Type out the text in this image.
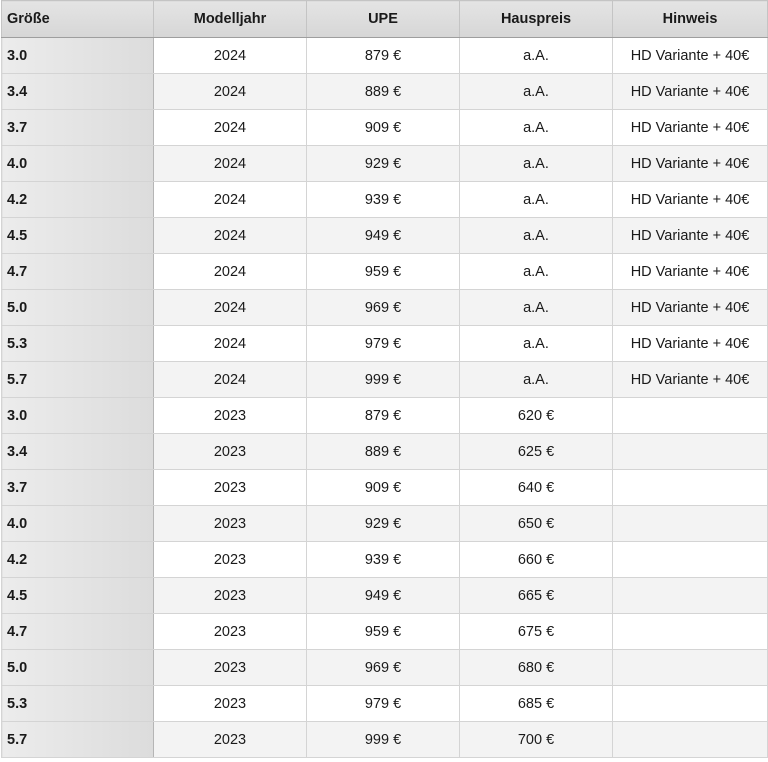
Größe	Modelljahr	UPE	Hauspreis	Hinweis
3.0	2024	879 €	a.A.	HD Variante + 40€
3.4	2024	889 €	a.A.	HD Variante + 40€
3.7	2024	909 €	a.A.	HD Variante + 40€
4.0	2024	929 €	a.A.	HD Variante + 40€
4.2	2024	939 €	a.A.	HD Variante + 40€
4.5	2024	949 €	a.A.	HD Variante + 40€
4.7	2024	959 €	a.A.	HD Variante + 40€
5.0	2024	969 €	a.A.	HD Variante + 40€
5.3	2024	979 €	a.A.	HD Variante + 40€
5.7	2024	999 €	a.A.	HD Variante + 40€
3.0	2023	879 €	620 €	
3.4	2023	889 €	625 €	
3.7	2023	909 €	640 €	
4.0	2023	929 €	650 €	
4.2	2023	939 €	660 €	
4.5	2023	949 €	665 €	
4.7	2023	959 €	675 €	
5.0	2023	969 €	680 €	
5.3	2023	979 €	685 €	
5.7	2023	999 €	700 €	
